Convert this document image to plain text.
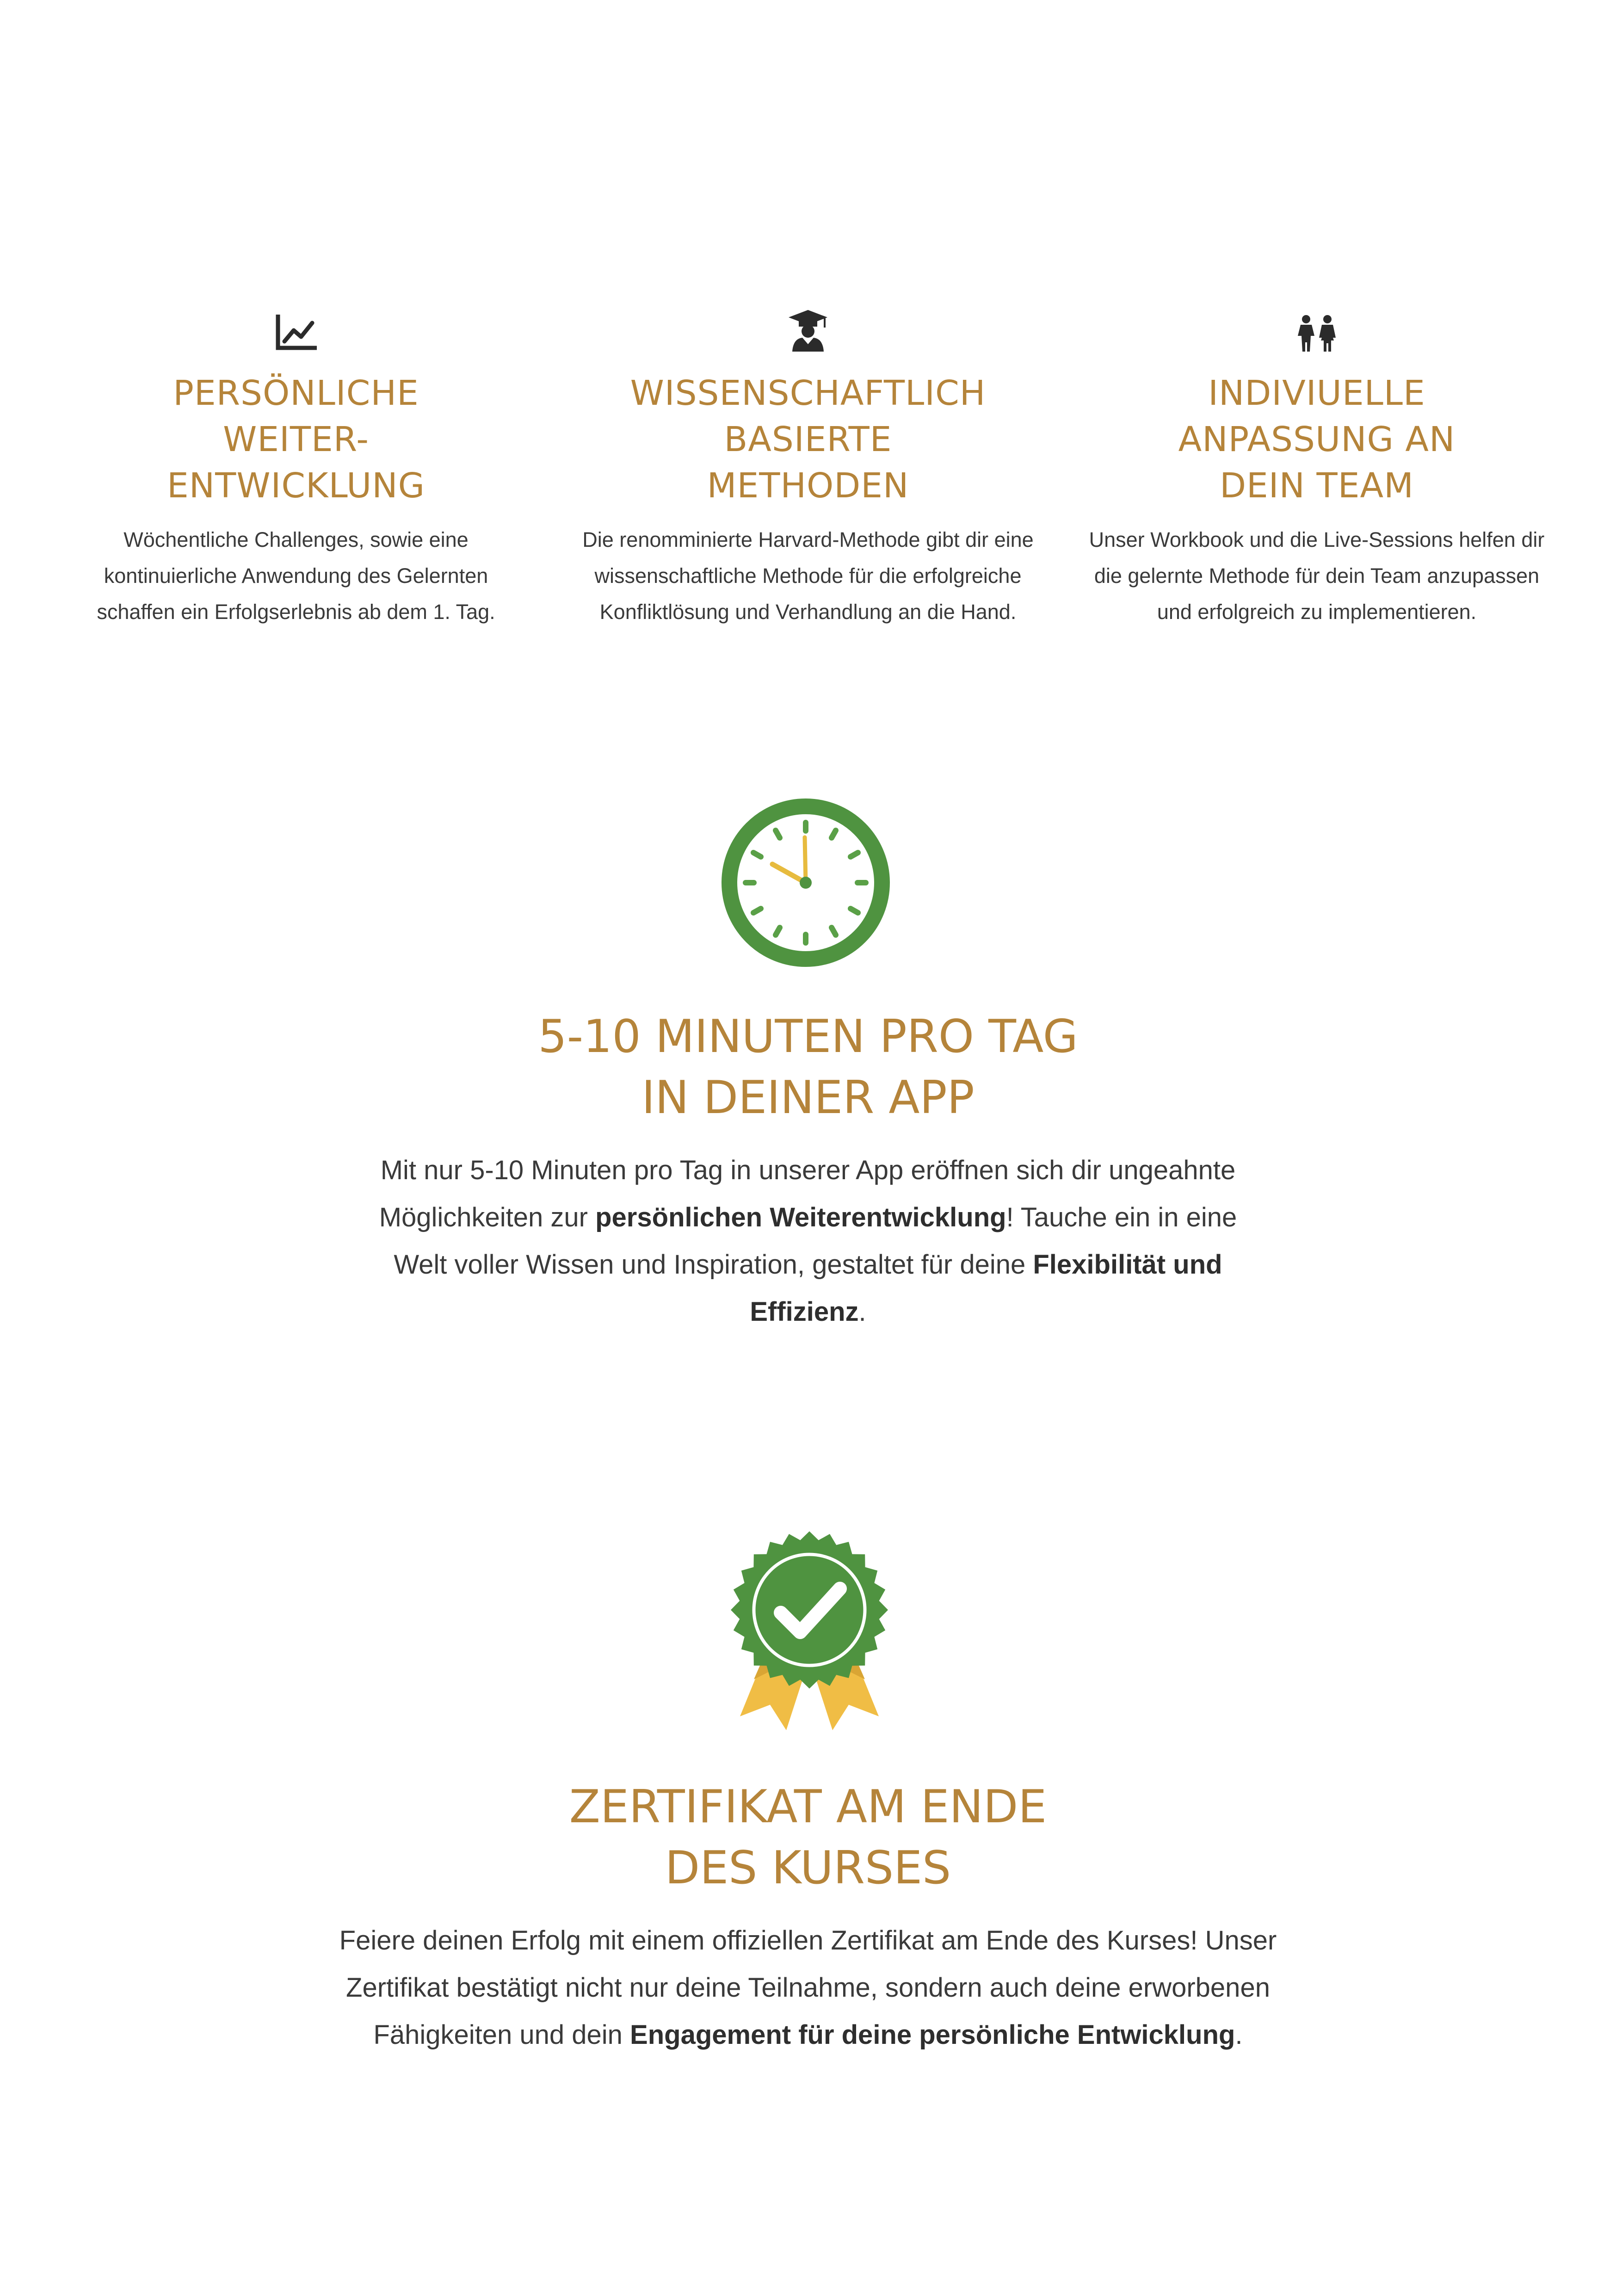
PERSÖNLICHE
WEITER-
ENTWICKLUNG

Wöchentliche Challenges, sowie eine
kontinuierliche Anwendung des Gelernten
schaffen ein Erfolgserlebnis ab dem 1. Tag.

WISSENSCHAFTLICH
BASIERTE
METHODEN

Die renomminierte Harvard-Methode gibt dir eine
wissenschaftliche Methode für die erfolgreiche
Konfliktlösung und Verhandlung an die Hand.

INDIVIUELLE
ANPASSUNG AN
DEIN TEAM

Unser Workbook und die Live-Sessions helfen dir
die gelernte Methode für dein Team anzupassen
und erfolgreich zu implementieren.

5-10 MINUTEN PRO TAG
IN DEINER APP

Mit nur 5-10 Minuten pro Tag in unserer App eröffnen sich dir ungeahnte Möglichkeiten zur persönlichen Weiterentwicklung! Tauche ein in eine Welt voller Wissen und Inspiration, gestaltet für deine Flexibilität und Effizienz.

ZERTIFIKAT AM ENDE
DES KURSES

Feiere deinen Erfolg mit einem offiziellen Zertifikat am Ende des Kurses! Unser Zertifikat bestätigt nicht nur deine Teilnahme, sondern auch deine erworbenen Fähigkeiten und dein Engagement für deine persönliche Entwicklung.
